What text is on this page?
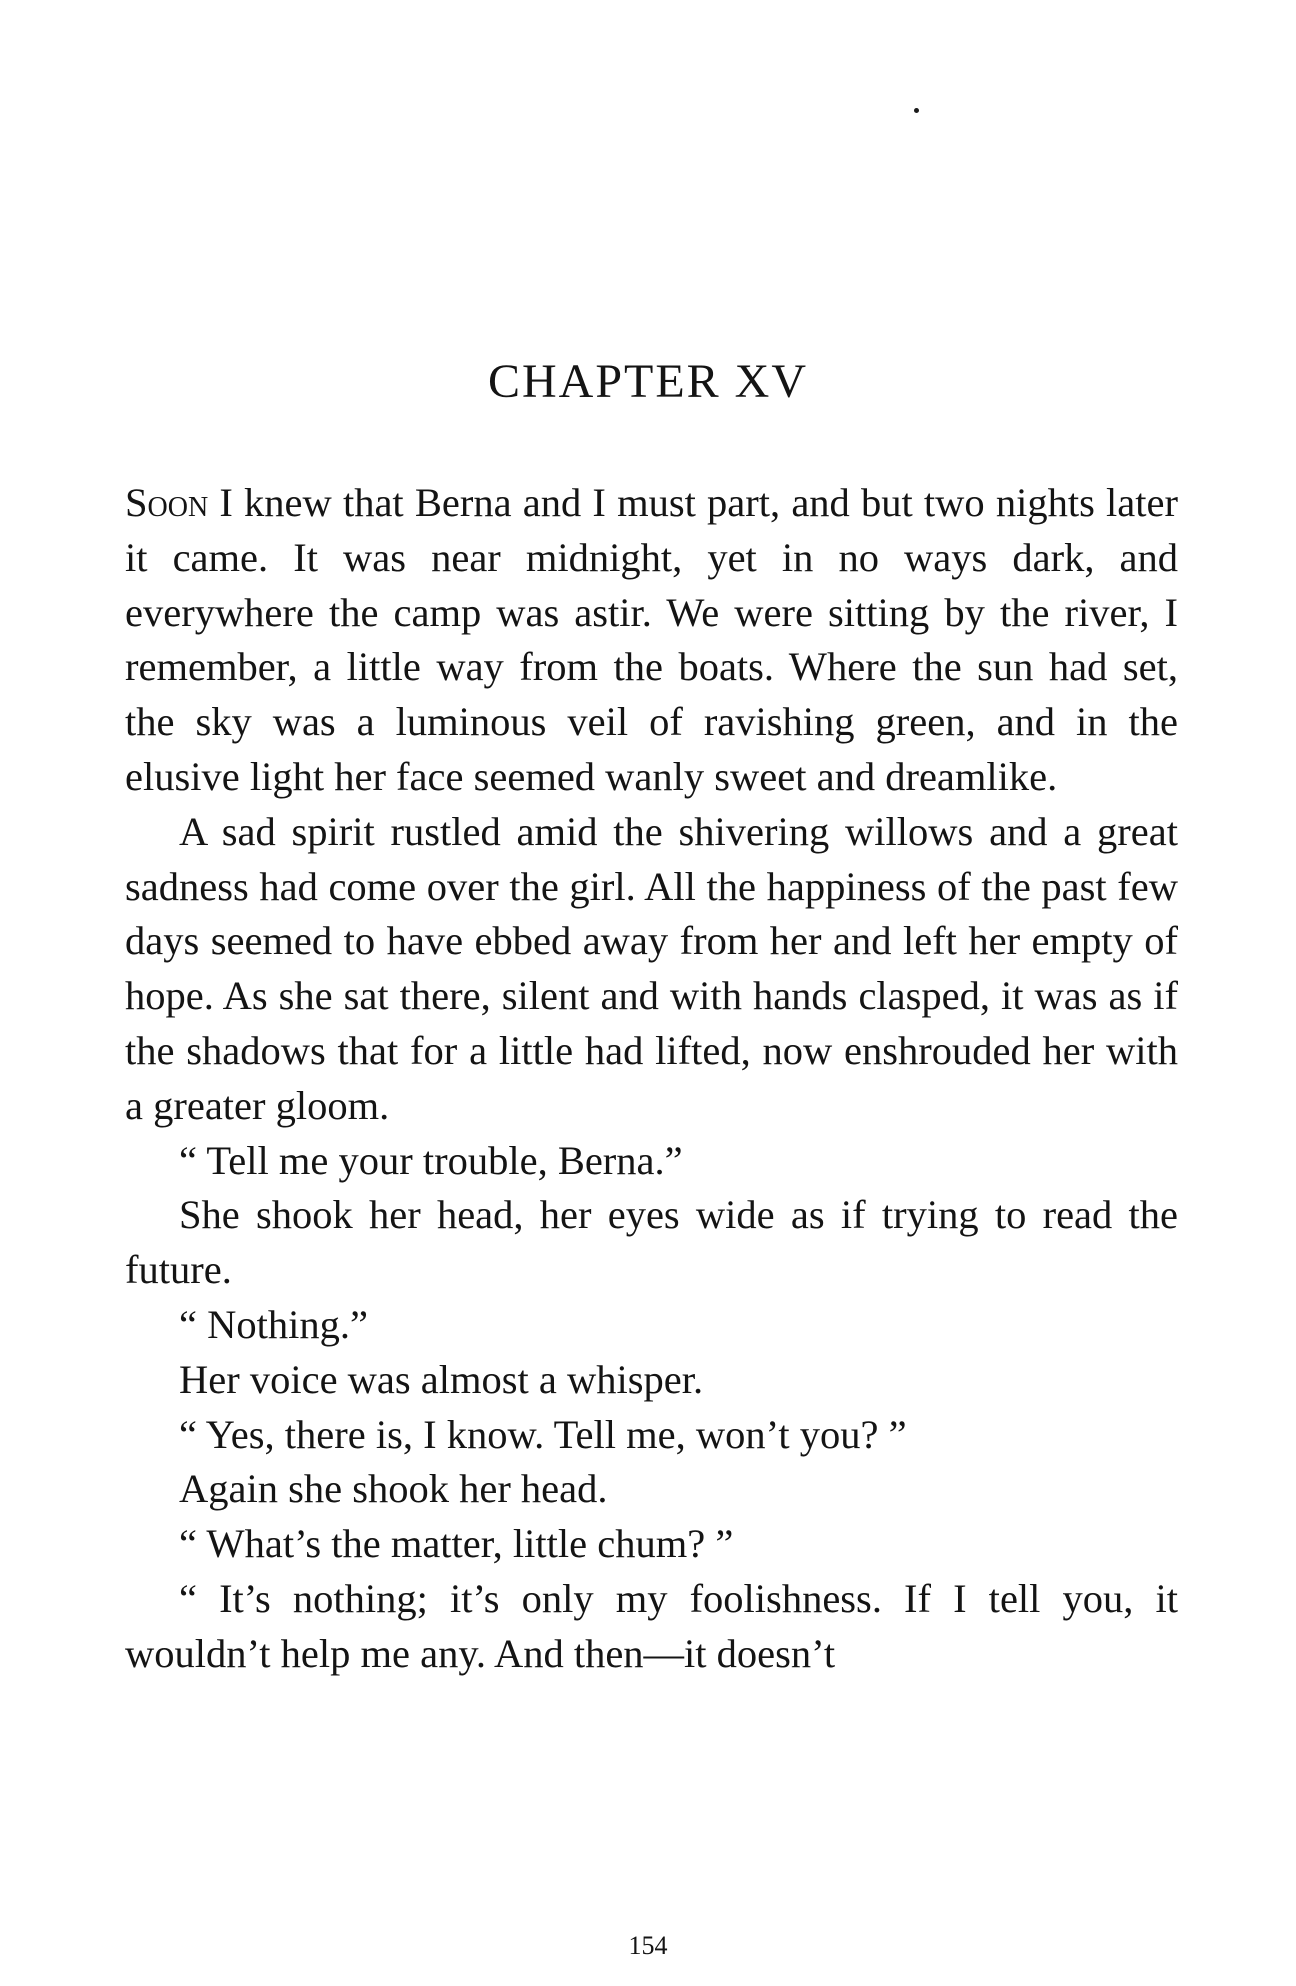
CHAPTER XV

Soon I knew that Berna and I must part, and but two nights later it came. It was near midnight, yet in no ways dark, and everywhere the camp was astir. We were sitting by the river, I remember, a little way from the boats. Where the sun had set, the sky was a luminous veil of ravishing green, and in the elusive light her face seemed wanly sweet and dreamlike.

A sad spirit rustled amid the shivering willows and a great sadness had come over the girl. All the happiness of the past few days seemed to have ebbed away from her and left her empty of hope. As she sat there, silent and with hands clasped, it was as if the shadows that for a little had lifted, now enshrouded her with a greater gloom.

“ Tell me your trouble, Berna.”

She shook her head, her eyes wide as if trying to read the future.

“ Nothing.”

Her voice was almost a whisper.

“ Yes, there is, I know. Tell me, won’t you? ”

Again she shook her head.

“ What’s the matter, little chum? ”

“ It’s nothing; it’s only my foolishness. If I tell you, it wouldn’t help me any. And then—it doesn’t

154
